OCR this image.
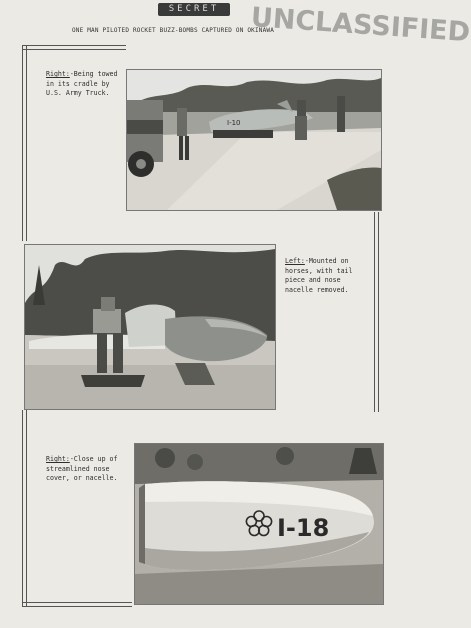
SECRET	UNCLASSIFIED
ONE MAN PILOTED ROCKET BUZZ-BOMBS CAPTURED ON OKINAWA
Right:-Being towed in its cradle by U.S. Army Truck.
I-10
Left:-Mounted on horses, with tail piece and nose nacelle removed.
Right:-Close up of streamlined nose cover, or nacelle.
I-18
